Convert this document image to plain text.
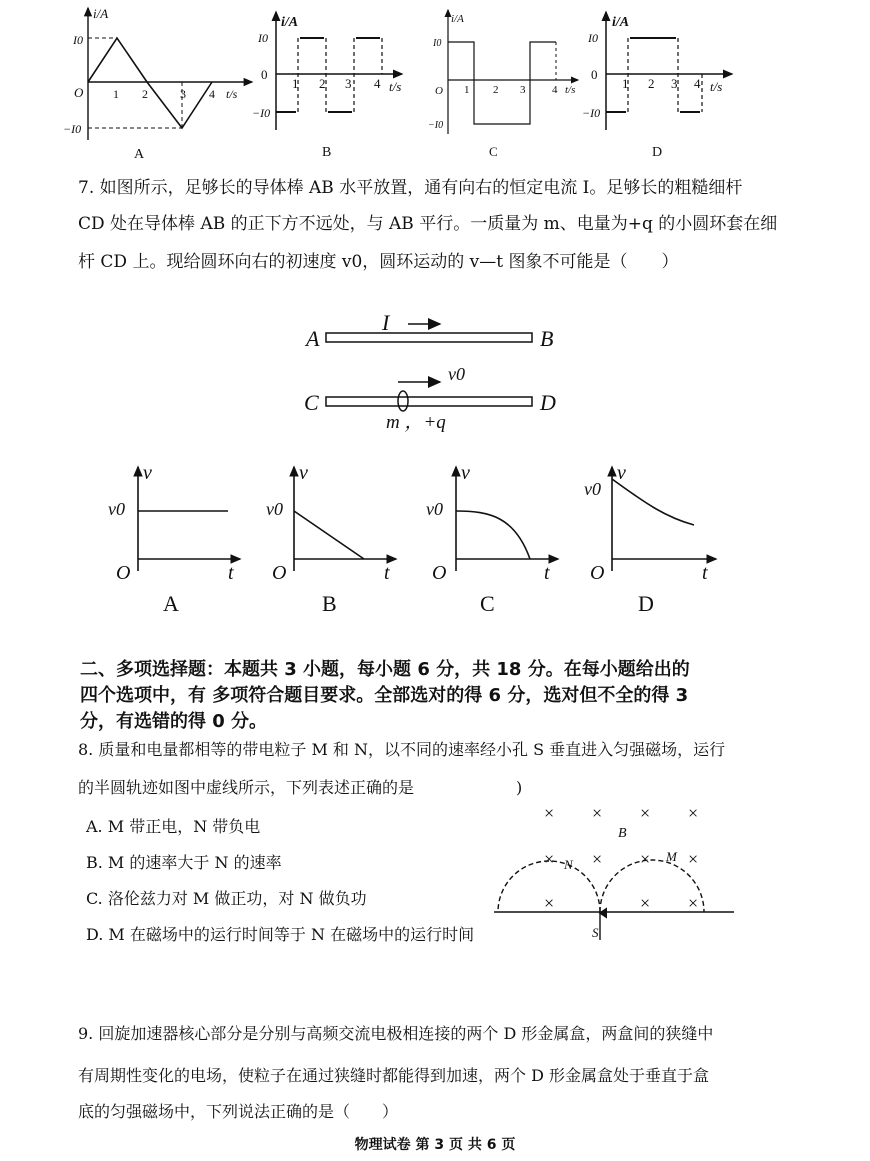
i/A
I0
−I0
O 1 2	3 4 t/s
A
i/A
I0
−I0
0
1 2 3 4 t/s
B
i/A
I0
−I0
O 1 2 3 4 t/s
C
i/A
I0
−I0
0
1 2 3 4 t/s
D
7. 如图所示，足够长的导体棒 AB 水平放置，通有向右的恒定电流 I。足够长的粗糙细杆
CD 处在导体棒 AB 的正下方不远处，与 AB 平行。一质量为 m、电量为+q 的小圆环套在细
杆 CD 上。现给圆环向右的初速度 v0，圆环运动的 v—t 图象不可能是（　　）
A	B
C	D
I
v0
m ，+q
v
v0
O	t
A
v
v0
O	t
B
v
v0
O	t
C
v
v0
O	t
D
二、多项选择题：本题共 3 小题，每小题 6 分，共 18 分。在每小题给出的
四个选项中，有 多项符合题目要求。全部选对的得 6 分，选对但不全的得 3
分，有选错的得 0 分。
8. 质量和电量都相等的带电粒子 M 和 N，以不同的速率经小孔 S 垂直进入匀强磁场，运行
的半圆轨迹如图中虚线所示，下列表述正确的是	)
A. M 带正电，N 带负电
B. M 的速率大于 N 的速率
C. 洛伦兹力对 M 做正功，对 N 做负功
D. M 在磁场中的运行时间等于 N 在磁场中的运行时间
× × × ×
× × × ×
×	× ×
B
N
M
S
9. 回旋加速器核心部分是分别与高频交流电极相连接的两个 D 形金属盒，两盒间的狭缝中
有周期性变化的电场，使粒子在通过狭缝时都能得到加速，两个 D 形金属盒处于垂直于盒
底的匀强磁场中，下列说法正确的是（　　）
物理试卷 第 3 页 共 6 页
